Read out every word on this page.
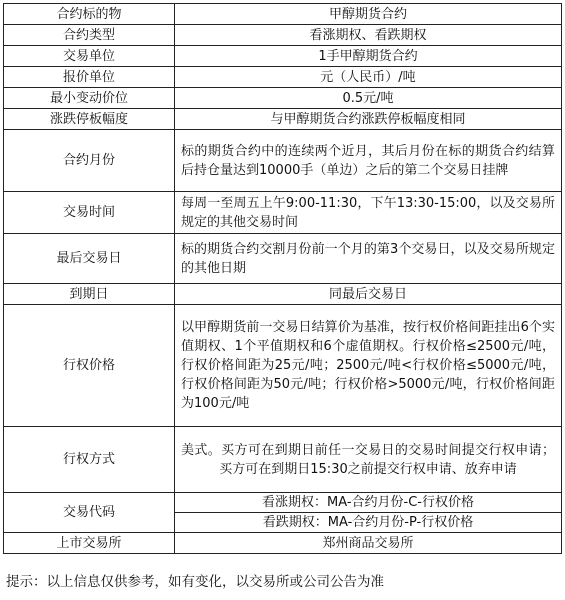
合约标的物	甲醇期货合约
合约类型	看涨期权、看跌期权
交易单位	1手甲醇期货合约
报价单位	元（人民币）/吨
最小变动价位	0.5元/吨
涨跌停板幅度	与甲醇期货合约涨跌停板幅度相同
合约月份	标的期货合约中的连续两个近月，其后月份在标的期货合约结算后持仓量达到10000手（单边）之后的第二个交易日挂牌
交易时间	每周一至周五上午9:00-11:30，下午13:30-15:00，以及交易所规定的其他交易时间
最后交易日	标的期货合约交割月份前一个月的第3个交易日，以及交易所规定的其他日期
到期日	同最后交易日
行权价格	以甲醇期货前一交易日结算价为基准，按行权价格间距挂出6个实值期权、1个平值期权和6个虚值期权。行权价格≤2500元/吨，行权价格间距为25元/吨；2500元/吨<行权价格≤5000元/吨，行权价格间距为50元/吨；行权价格>5000元/吨，行权价格间距为100元/吨
行权方式	美式。买方可在到期日前任一交易日的交易时间提交行权申请；买方可在到期日15:30之前提交行权申请、放弃申请
交易代码	看涨期权：MA-合约月份-C-行权价格
	看跌期权：MA-合约月份-P-行权价格
上市交易所	郑州商品交易所
提示：以上信息仅供参考，如有变化，以交易所或公司公告为准
